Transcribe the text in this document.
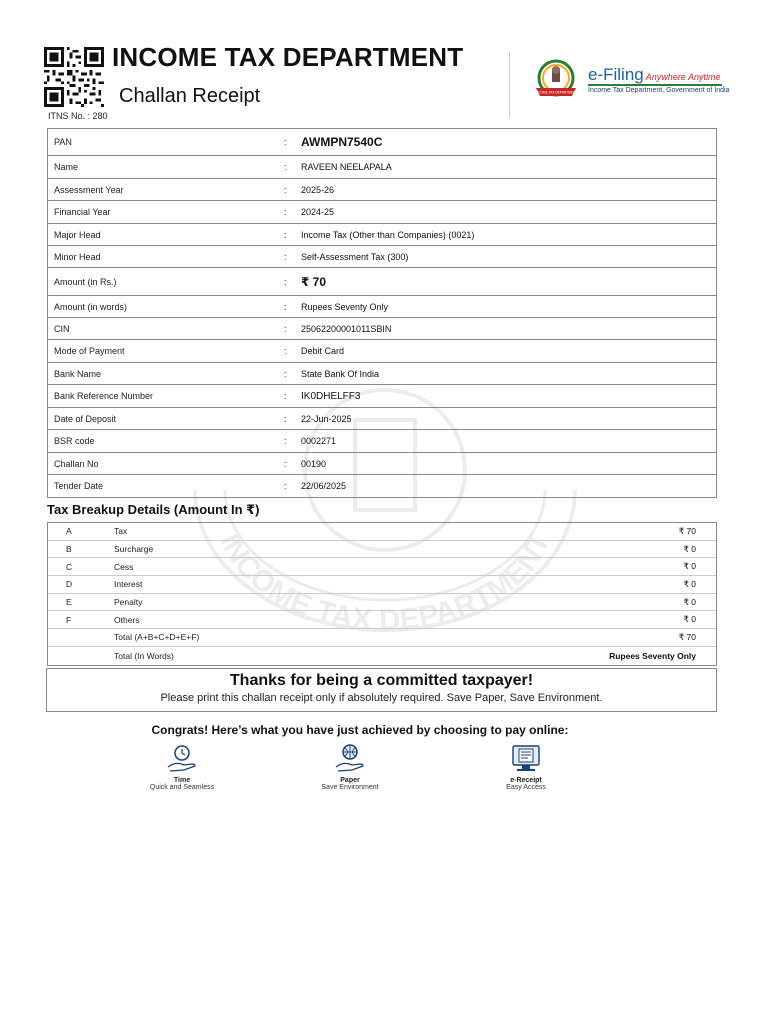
INCOME TAX DEPARTMENT
Challan Receipt
ITNS No. : 280
INCOME TAX DEPARTMENT
e-Filing Anywhere Anytime
Income Tax Department, Government of India
INCOME TAX DEPARTMENT
PAN	:	AWMPN7540C
Name	:	RAVEEN NEELAPALA
Assessment Year	:	2025-26
Financial Year	:	2024-25
Major Head	:	Income Tax (Other than Companies) (0021)
Minor Head	:	Self-Assessment Tax (300)
Amount (in Rs.)	:	₹ 70
Amount (in words)	:	Rupees Seventy Only
CIN	:	25062200001011SBIN
Mode of Payment	:	Debit Card
Bank Name	:	State Bank Of India
Bank Reference Number	:	IK0DHELFF3
Date of Deposit	:	22-Jun-2025
BSR code	:	0002271
Challan No	:	00190
Tender Date	:	22/06/2025
Tax Breakup Details (Amount In ₹)
A	Tax	₹ 70
B	Surcharge	₹ 0
C	Cess	₹ 0
D	Interest	₹ 0
E	Penalty	₹ 0
F	Others	₹ 0
Total (A+B+C+D+E+F)	₹ 70
Total (In Words)	Rupees Seventy Only
Thanks for being a committed taxpayer!
Please print this challan receipt only if absolutely required. Save Paper, Save Environment.
Congrats! Here’s what you have just achieved by choosing to pay online:
Time
Quick and Seamless
Paper
Save Environment
e-Receipt
Easy Access
